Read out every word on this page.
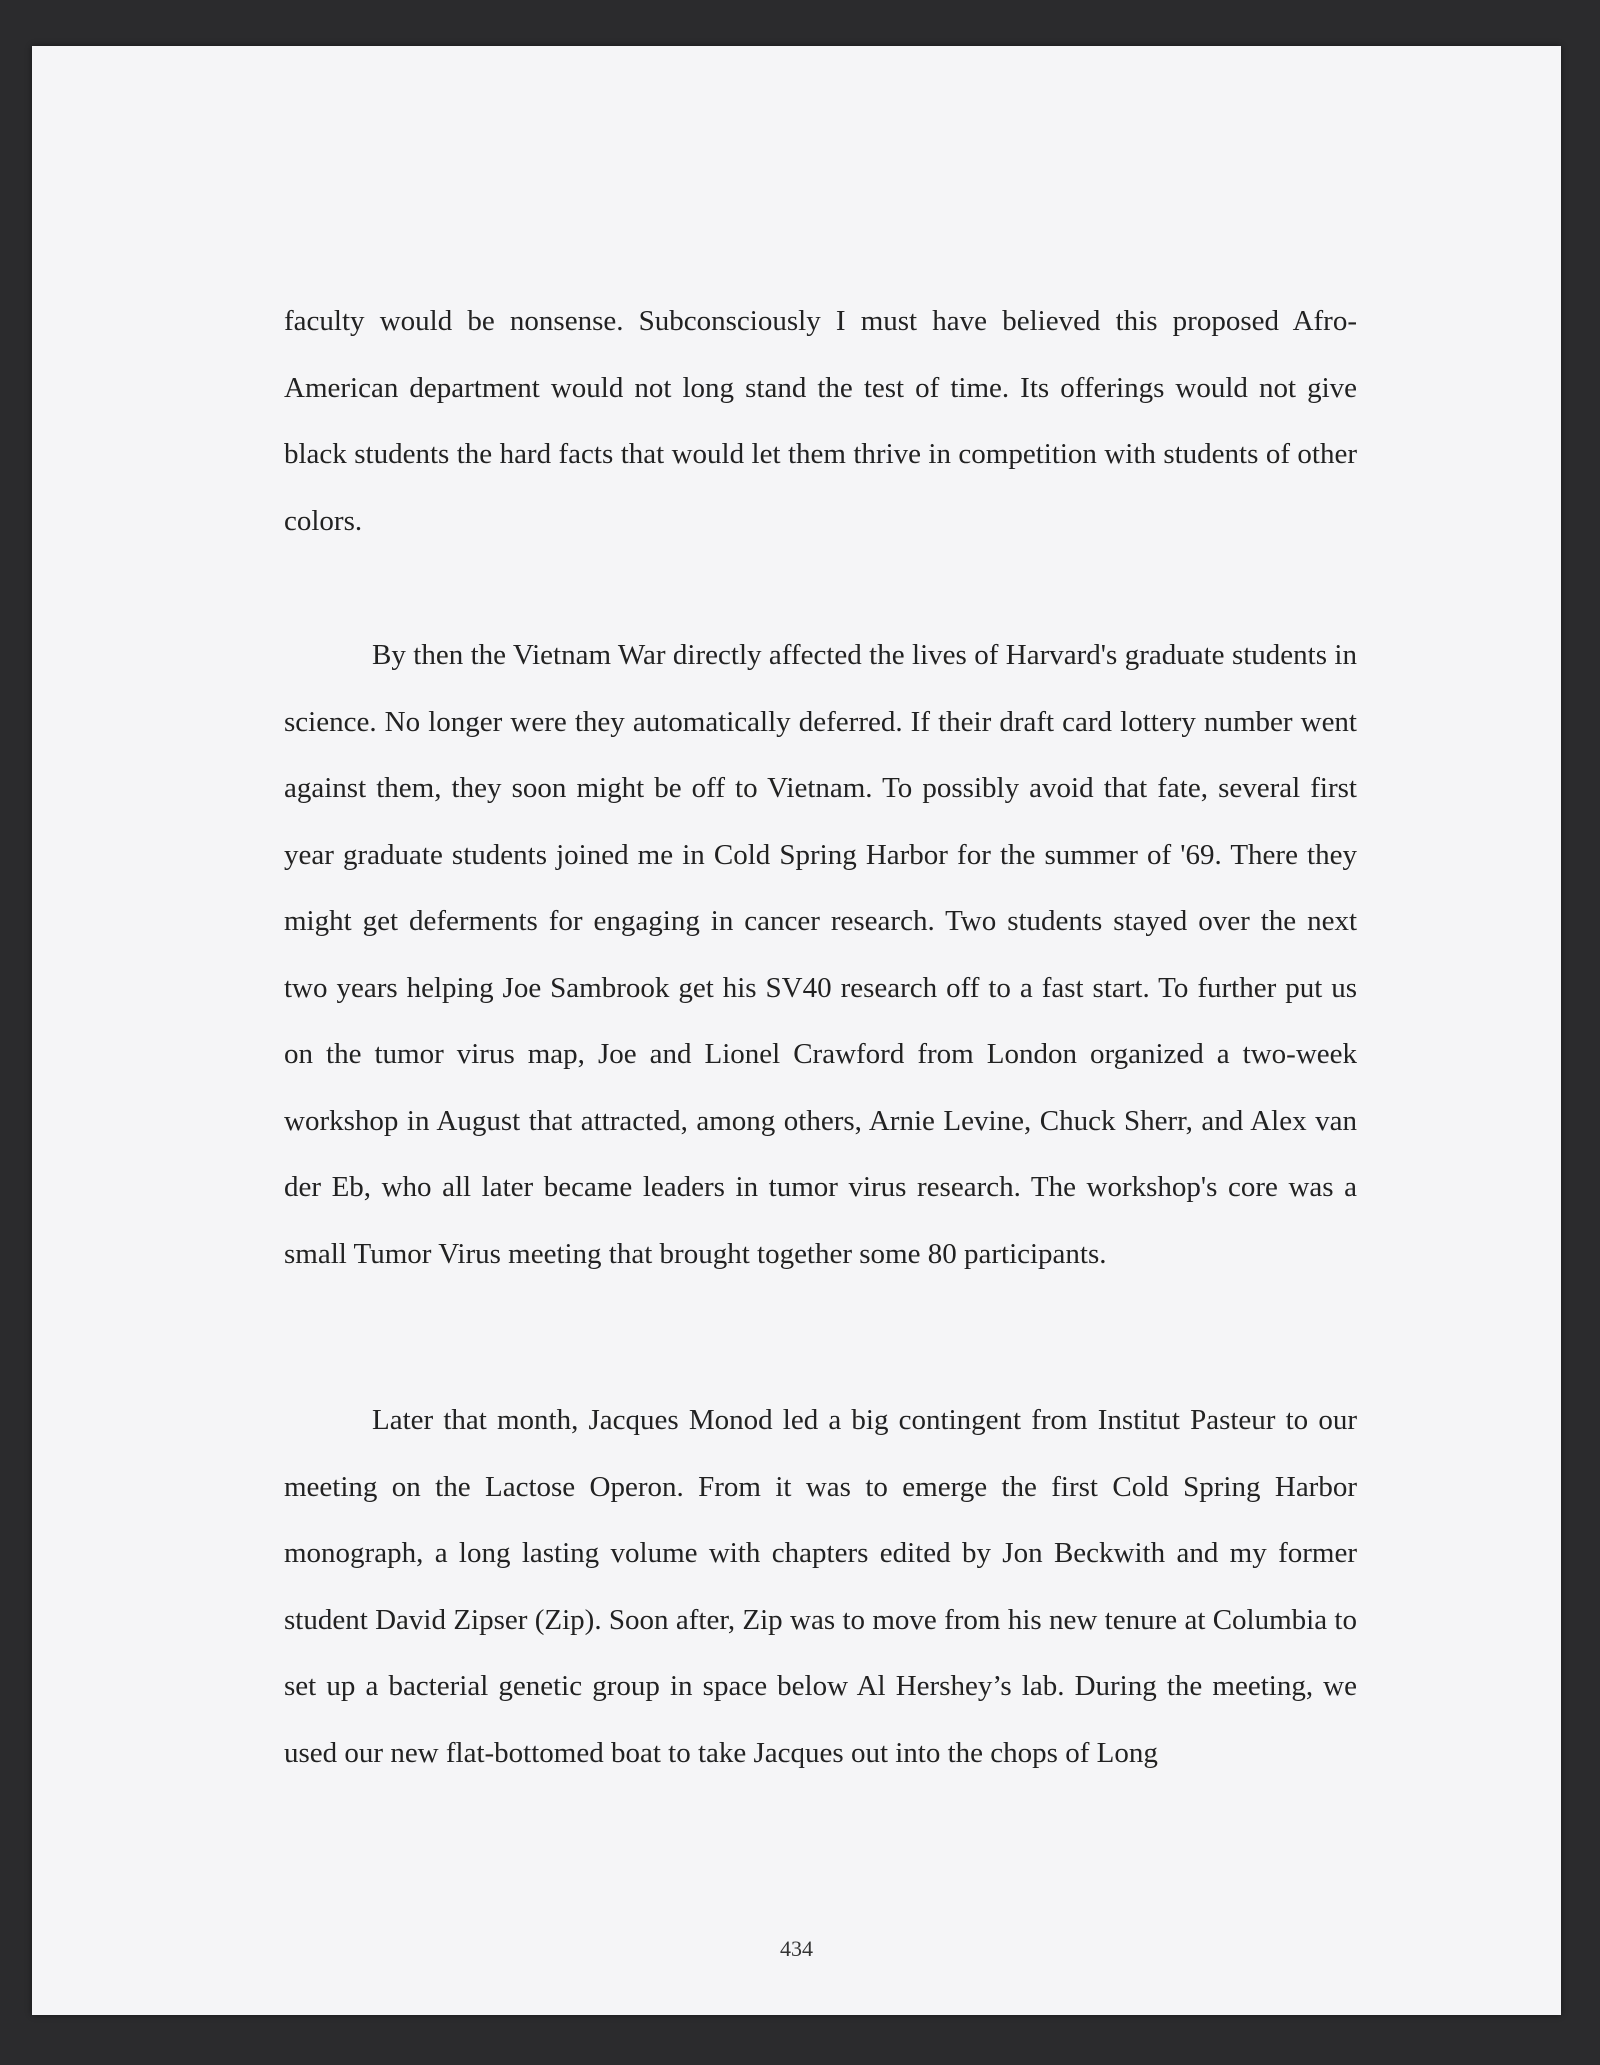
faculty would be nonsense. Subconsciously I must have believed this proposed Afro-American department would not long stand the test of time. Its offerings would not give black students the hard facts that would let them thrive in competition with students of other colors.

By then the Vietnam War directly affected the lives of Harvard's graduate students in science. No longer were they automatically deferred. If their draft card lottery number went against them, they soon might be off to Vietnam. To possibly avoid that fate, several first year graduate students joined me in Cold Spring Harbor for the summer of '69. There they might get deferments for engaging in cancer research. Two students stayed over the next two years helping Joe Sambrook get his SV40 research off to a fast start. To further put us on the tumor virus map, Joe and Lionel Crawford from London organized a two-week workshop in August that attracted, among others, Arnie Levine, Chuck Sherr, and Alex van der Eb, who all later became leaders in tumor virus research. The workshop's core was a small Tumor Virus meeting that brought together some 80 participants.

Later that month, Jacques Monod led a big contingent from Institut Pasteur to our meeting on the Lactose Operon. From it was to emerge the first Cold Spring Harbor monograph, a long lasting volume with chapters edited by Jon Beckwith and my former student David Zipser (Zip). Soon after, Zip was to move from his new tenure at Columbia to set up a bacterial genetic group in space below Al Hershey’s lab. During the meeting, we used our new flat-bottomed boat to take Jacques out into the chops of Long

434
